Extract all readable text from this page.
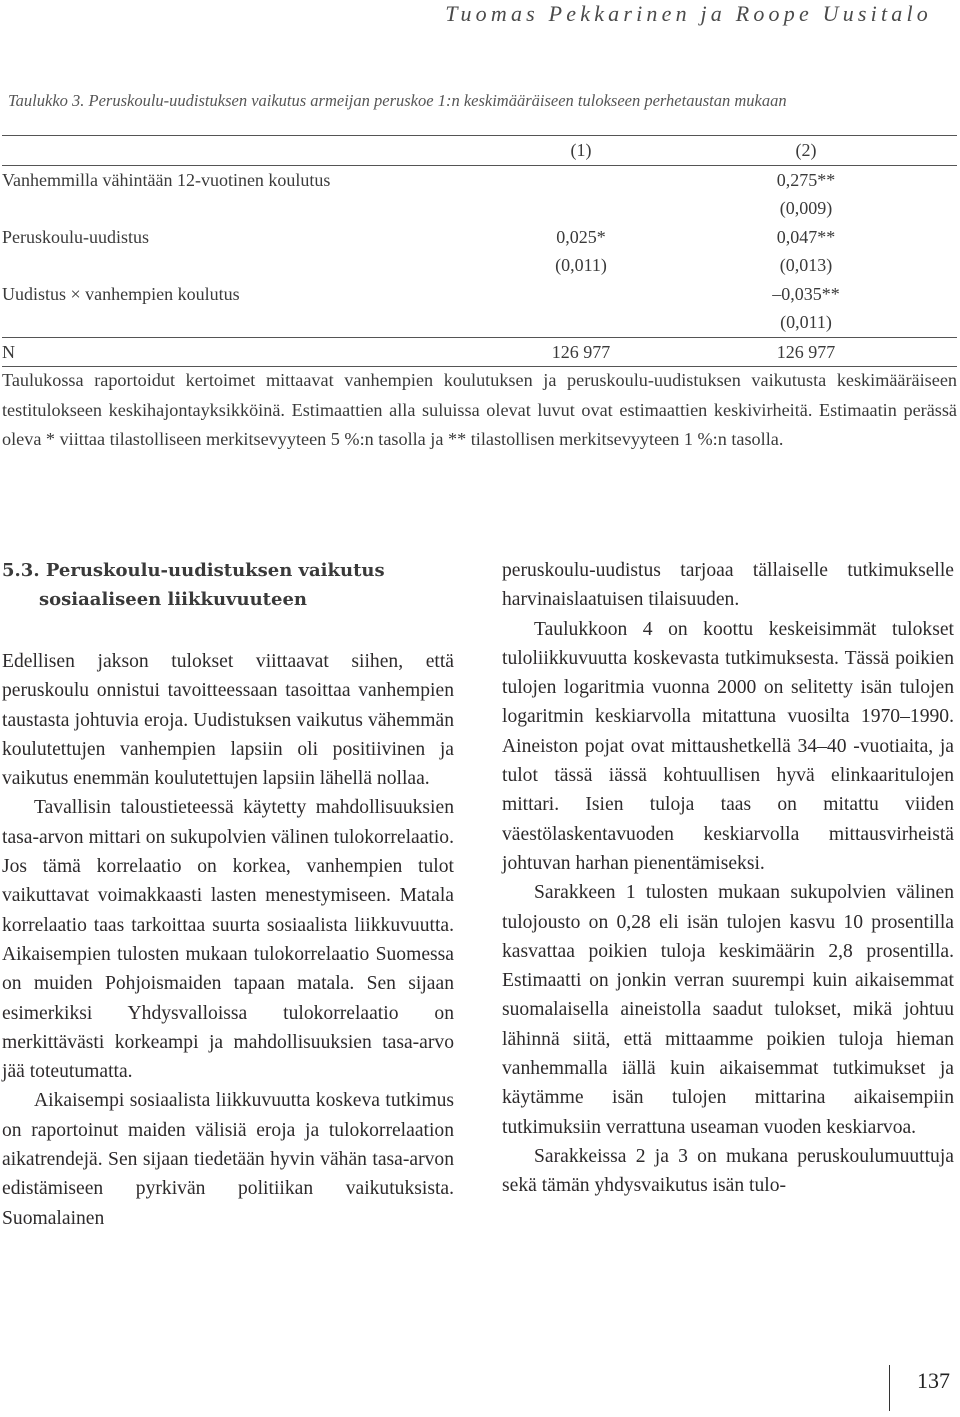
Tuomas Pekkarinen ja Roope Uusitalo
Taulukko 3. Peruskoulu-uudistuksen vaikutus armeijan peruskoe 1:n keskimääräiseen tulokseen perhetaustan mukaan
	(1)	(2)
Vanhemmilla vähintään 12-vuotinen koulutus		0,275**
		(0,009)
Peruskoulu-uudistus	0,025*	0,047**
	(0,011)	(0,013)
Uudistus × vanhempien koulutus		–0,035**
		(0,011)
N	126 977	126 977
Taulukossa raportoidut kertoimet mittaavat vanhempien koulutuksen ja peruskoulu-uudistuksen vaikutusta keskimääräiseen testitulokseen keskihajontayksikköinä. Estimaattien alla suluissa olevat luvut ovat estimaattien keskivirheitä. Estimaatin perässä oleva * viittaa tilastolliseen merkitsevyyteen 5 %:n tasolla ja ** tilastollisen merkitsevyyteen 1 %:n tasolla.
5.3. Peruskoulu-uudistuksen vaikutus
sosiaaliseen liikkuvuuteen

Edellisen jakson tulokset viittaavat siihen, että peruskoulu onnistui tavoitteessaan tasoittaa vanhempien taustasta johtuvia eroja. Uudistuksen vaikutus vähemmän koulutettujen vanhempien lapsiin oli positiivinen ja vaikutus enemmän koulutettujen lapsiin lähellä nollaa.

Tavallisin taloustieteessä käytetty mahdollisuuksien tasa-arvon mittari on sukupolvien välinen tulokorrelaatio. Jos tämä korrelaatio on korkea, vanhempien tulot vaikuttavat voimakkaasti lasten menestymiseen. Matala korrelaatio taas tarkoittaa suurta sosiaalista liikkuvuutta. Aikaisempien tulosten mukaan tulokorrelaatio Suomessa on muiden Pohjoismaiden tapaan matala. Sen sijaan esimerkiksi Yhdysvalloissa tulokorrelaatio on merkittävästi korkeampi ja mahdollisuuksien tasa-arvo jää toteutumatta.

Aikaisempi sosiaalista liikkuvuutta koskeva tutkimus on raportoinut maiden välisiä eroja ja tulokorrelaation aikatrendejä. Sen sijaan tiedetään hyvin vähän tasa-arvon edistämiseen pyrkivän politiikan vaikutuksista. Suomalainen

peruskoulu-uudistus tarjoaa tällaiselle tutkimukselle harvinaislaatuisen tilaisuuden.

Taulukkoon 4 on koottu keskeisimmät tulokset tuloliikkuvuutta koskevasta tutkimuksesta. Tässä poikien tulojen logaritmia vuonna 2000 on selitetty isän tulojen logaritmin keskiarvolla mitattuna vuosilta 1970–1990. Aineiston pojat ovat mittaushetkellä 34–40 -vuotiaita, ja tulot tässä iässä kohtuullisen hyvä elinkaaritulojen mittari. Isien tuloja taas on mitattu viiden väestölaskentavuoden keskiarvolla mittausvirheistä johtuvan harhan pienentämiseksi.

Sarakkeen 1 tulosten mukaan sukupolvien välinen tulojousto on 0,28 eli isän tulojen kasvu 10 prosentilla kasvattaa poikien tuloja keskimäärin 2,8 prosentilla. Estimaatti on jonkin verran suurempi kuin aikaisemmat suomalaisella aineistolla saadut tulokset, mikä johtuu lähinnä siitä, että mittaamme poikien tuloja hieman vanhemmalla iällä kuin aikaisemmat tutkimukset ja käytämme isän tulojen mittarina aikaisempiin tutkimuksiin verrattuna useaman vuoden keskiarvoa.

Sarakkeissa 2 ja 3 on mukana peruskoulumuuttuja sekä tämän yhdysvaikutus isän tulo-

137
